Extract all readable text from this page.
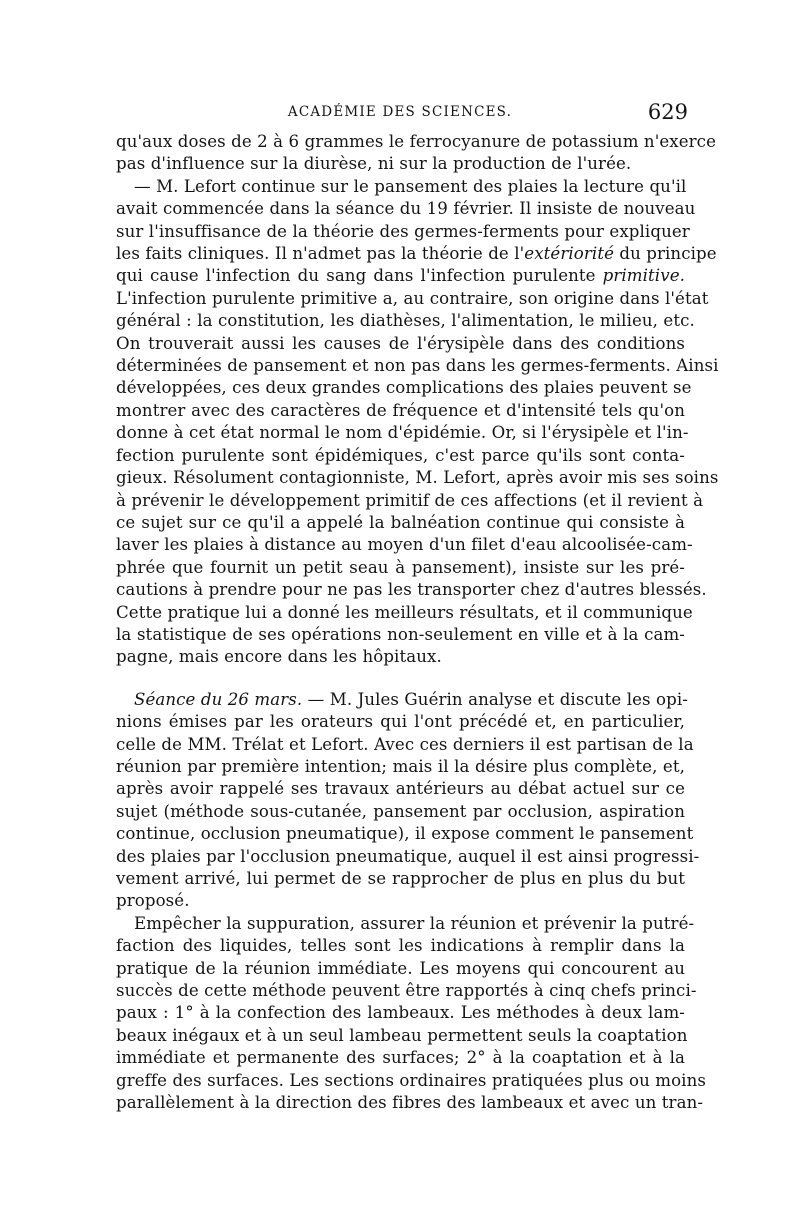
ACADÉMIE DES SCIENCES.	629
qu'aux doses de 2 à 6 grammes le ferrocyanure de potassium n'exerce
pas d'influence sur la diurèse, ni sur la production de l'urée.
— M. Lefort continue sur le pansement des plaies la lecture qu'il
avait commencée dans la séance du 19 février. Il insiste de nouveau
sur l'insuffisance de la théorie des germes-ferments pour expliquer
les faits cliniques. Il n'admet pas la théorie de l'extériorité du principe
qui cause l'infection du sang dans l'infection purulente primitive.
L'infection purulente primitive a, au contraire, son origine dans l'état
général : la constitution, les diathèses, l'alimentation, le milieu, etc.
On trouverait aussi les causes de l'érysipèle dans des conditions
déterminées de pansement et non pas dans les germes-ferments. Ainsi
développées, ces deux grandes complications des plaies peuvent se
montrer avec des caractères de fréquence et d'intensité tels qu'on
donne à cet état normal le nom d'épidémie. Or, si l'érysipèle et l'in-
fection purulente sont épidémiques, c'est parce qu'ils sont conta-
gieux. Résolument contagionniste, M. Lefort, après avoir mis ses soins
à prévenir le développement primitif de ces affections (et il revient à
ce sujet sur ce qu'il a appelé la balnéation continue qui consiste à
laver les plaies à distance au moyen d'un filet d'eau alcoolisée-cam-
phrée que fournit un petit seau à pansement), insiste sur les pré-
cautions à prendre pour ne pas les transporter chez d'autres blessés.
Cette pratique lui a donné les meilleurs résultats, et il communique
la statistique de ses opérations non-seulement en ville et à la cam-
pagne, mais encore dans les hôpitaux.
Séance du 26 mars. — M. Jules Guérin analyse et discute les opi-
nions émises par les orateurs qui l'ont précédé et, en particulier,
celle de MM. Trélat et Lefort. Avec ces derniers il est partisan de la
réunion par première intention; mais il la désire plus complète, et,
après avoir rappelé ses travaux antérieurs au débat actuel sur ce
sujet (méthode sous-cutanée, pansement par occlusion, aspiration
continue, occlusion pneumatique), il expose comment le pansement
des plaies par l'occlusion pneumatique, auquel il est ainsi progressi-
vement arrivé, lui permet de se rapprocher de plus en plus du but
proposé.
Empêcher la suppuration, assurer la réunion et prévenir la putré-
faction des liquides, telles sont les indications à remplir dans la
pratique de la réunion immédiate. Les moyens qui concourent au
succès de cette méthode peuvent être rapportés à cinq chefs princi-
paux : 1° à la confection des lambeaux. Les méthodes à deux lam-
beaux inégaux et à un seul lambeau permettent seuls la coaptation
immédiate et permanente des surfaces; 2° à la coaptation et à la
greffe des surfaces. Les sections ordinaires pratiquées plus ou moins
parallèlement à la direction des fibres des lambeaux et avec un tran-
